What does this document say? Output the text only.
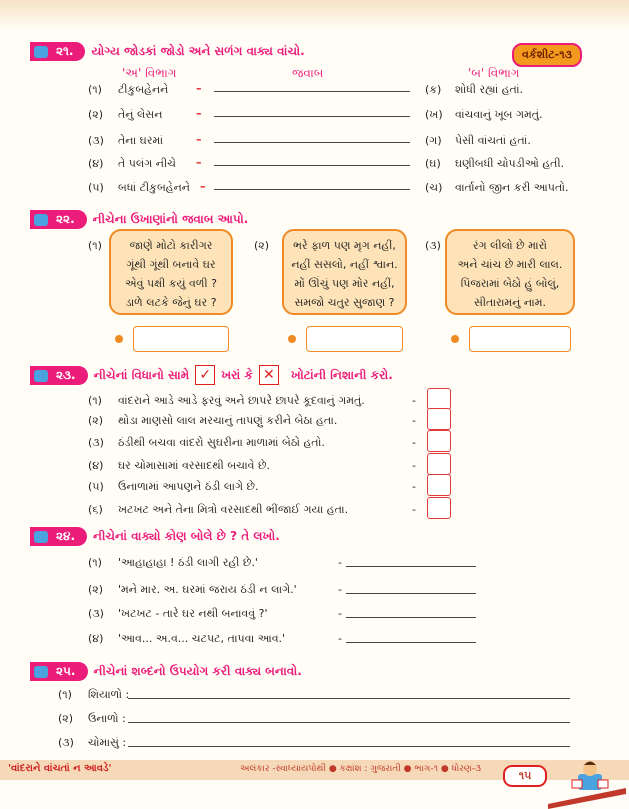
૨૧.	યોગ્ય જોડકાં જોડો અને સળંગ વાક્ય વાંચો.	વર્કશીટ-૧૩
'અ' વિભાગ	જવાબ	'બ' વિભાગ
૨૨.	નીચેના ઉખાણાંનો જવાબ આપો.
૨૩.	નીચેનાં વિધાનો સામે ✓ ખરાં કે ✕	ખોટાંની નિશાની કરો.
૨૪.	નીચેનાં વાક્યો કોણ બોલે છે ? તે લખો.
૨૫.	નીચેનાં શબ્દનો ઉપયોગ કરી વાક્ય બનાવો.
'વાંદરાને વાંચતાં ન આવડે'	અલંકાર -સ્વાધ્યાયપોથી ● કક્ષાંશ : ગુજરાતી ● ભાગ-૧ ● ધોરણ-૩	૧૫
(૧) ટીકુબહેનને	–	(ક) શોધી રહ્યાં હતાં.
(૨) તેનું લેસન	–	(ખ) વાંચવાનું ખૂબ ગમતું.
(૩) તેના ઘરમાં	–	(ગ) પેસી વાંચતાં હતાં.
(૪) તે પલંગ નીચે –	(ઘ) ઘણીબધી ચોપડીઓ હતી.
(૫) બધાં ટીકુબહેનને –	(ચ) વાર્તાનો જીન કરી આપતો.
(૧)	જાણે મોટો કારીગર
ગૂંથી ગૂંથી બનાવે ઘર
એવું પક્ષી કયું વળી ?
ડાળે લટકે જેનું ઘર ?
(૨) ભરે ફાળ પણ મૃગ નહીં,
નહીં સસલો, નહીં શ્વાન.
મોં ઊંચું પણ મોર નહીં,
સમજો ચતુર સુજાણ ?
(૩)	રંગ લીલો છે મારો
અને ચાંચ છે મારી લાલ.
પિંજરામાં બેઠો હું બોલું,
સીતારામનું નામ.
(૧) વાંદરાને આડે આડે ફરવું અને છાપરે છાપરે કૂદવાનું ગમતું.	-
(૨) થોડા માણસો લાલ મરચાનું તાપણું કરીને બેઠા હતા.	-
(૩) ઠંડીથી બચવા વાંદરો સુઘરીના માળામાં બેઠો હતો.	-
(૪) ઘર ચોમાસામાં વરસાદથી બચાવે છે.	-
(૫) ઉનાળામાં આપણને ઠંડી લાગે છે.	-
(૬) ખટખટ અને તેના મિત્રો વરસાદથી ભીંજાઈ ગયા હતા.	-
(૧) 'આહાહાહા ! ઠંડી લાગી રહી છે.'	-
(૨) 'મને માર. અ. ઘરમાં જરાય ઠંડી ન લાગે.'	-
(૩) 'ખટખટ - તારે ઘર નથી બનાવવું ?'	-
(૪) 'આવ... અ.વ... ચટપટ, તાપવા આવ.'	-
(૧) શિયાળો :
(૨) ઉનાળો :
(૩) ચોમાસું :
